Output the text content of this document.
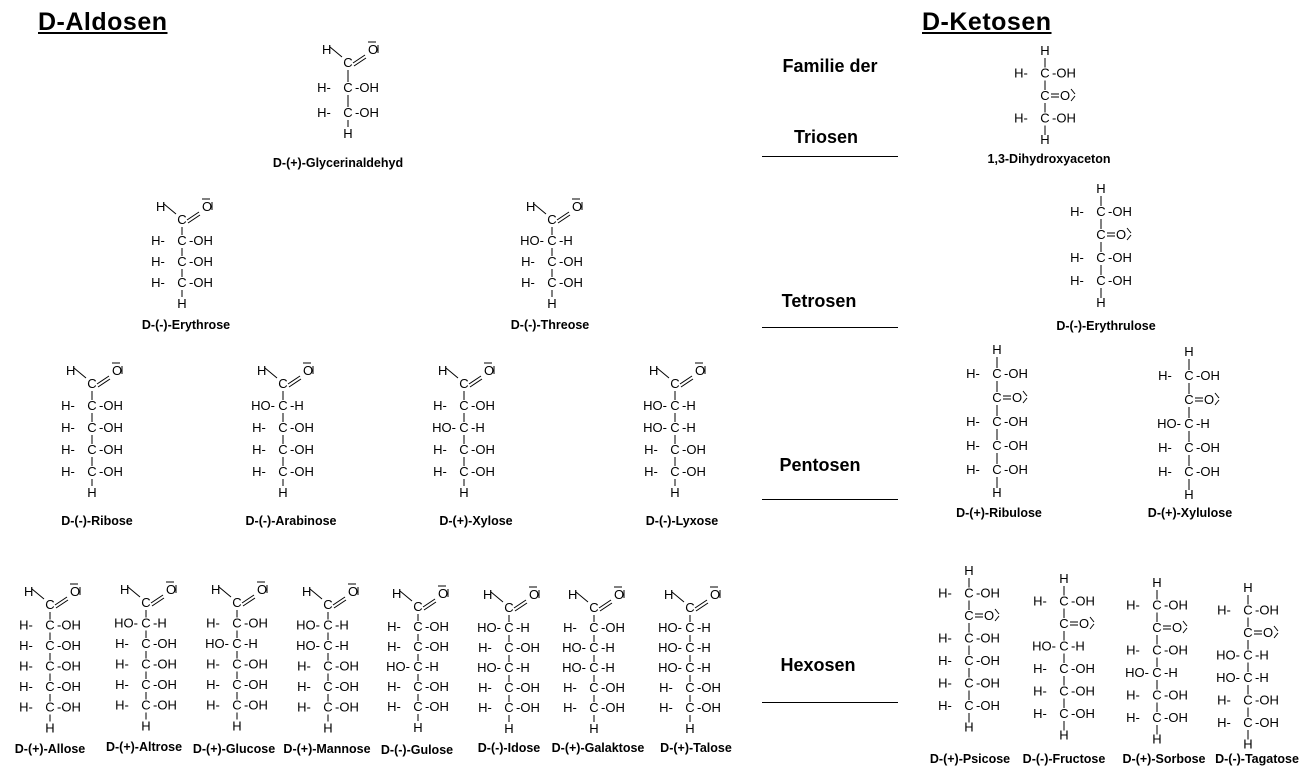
D-Aldosen	D-Ketosen
Familie der
Triosen
Tetrosen
Pentosen
Hexosen
H
C
O
H- C -OH
H- C -OH
H
H
C
O
H- C -OH
H- C -OH
H- C -OH
H
H
C
O
HO- C -H
H- C -OH
H- C -OH
H
H
C
O
H- C -OH
H- C -OH
H- C -OH
H- C -OH
H
H
C
O
HO- C -H
H- C -OH
H- C -OH
H- C -OH
H
H
C
O
H- C -OH
HO- C -H
H- C -OH
H- C -OH
H
H
C
O
HO- C -H
HO- C -H
H- C -OH
H- C -OH
H
H
C
O
H- C -OH
H- C -OH
H- C -OH
H- C -OH
H- C -OH
H
H
C
O
HO- C -H
H- C -OH
H- C -OH
H- C -OH
H- C -OH
H
H
C
O
H- C -OH
HO- C -H
H- C -OH
H- C -OH
H- C -OH
H
H
C
O
HO- C -H
HO- C -H
H- C -OH
H- C -OH
H- C -OH
H
H
C
O
H- C -OH
H- C -OH
HO- C -H
H- C -OH
H- C -OH
H
H
C
O
HO- C -H
H- C -OH
HO- C -H
H- C -OH
H- C -OH
H
H
C
O
H- C -OH
HO- C -H
HO- C -H
H- C -OH
H- C -OH
H
H
C
O
HO- C -H
HO- C -H
HO- C -H
H- C -OH
H- C -OH
H
H
H- C -OH
C O
H- C -OH
H
H
H- C -OH
C O
H- C -OH
H- C -OH
H
H
H- C -OH
C O
H- C -OH
H- C -OH
H- C -OH
H
H
H- C -OH
C O
HO- C -H
H- C -OH
H- C -OH
H
H
H- C -OH
C O
H- C -OH
H- C -OH
H- C -OH
H- C -OH
H
H
H- C -OH
C O
HO- C -H
H- C -OH
H- C -OH
H- C -OH
H
H
H- C -OH
C O
H- C -OH
HO- C -H
H- C -OH
H- C -OH
H
H
H- C -OH
C O
HO- C -H
HO- C -H
H- C -OH
H- C -OH
H
D-(+)-Glycerinaldehyd
D-(-)-Erythrose	D-(-)-Threose
D-(-)-Ribose	D-(-)-Arabinose	D-(+)-Xylose	D-(-)-Lyxose
D-(+)-Allose D-(+)-Altrose D-(+)-Glucose D-(+)-Mannose D-(-)-Gulose D-(-)-Idose D-(+)-Galaktose D-(+)-Talose
1,3-Dihydroxyaceton
D-(-)-Erythrulose
D-(+)-Ribulose	D-(+)-Xylulose
D-(+)-Psicose D-(-)-Fructose D-(+)-Sorbose D-(-)-Tagatose
